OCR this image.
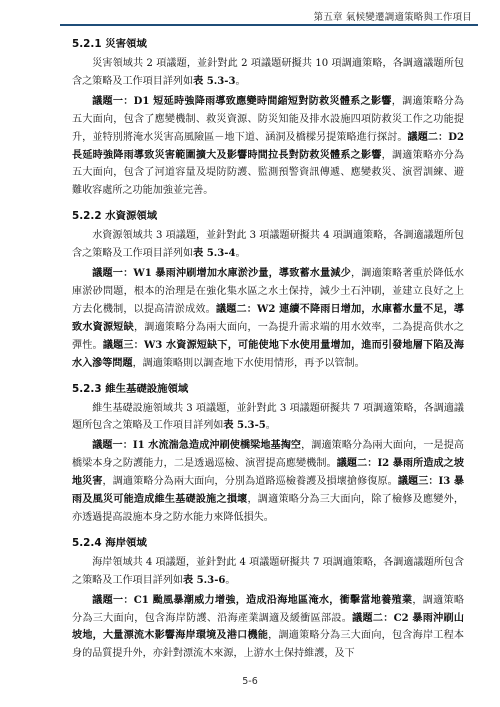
第五章 氣候變遷調適策略與工作項目
5.2.1 災害領域

災害領域共 2 項議題，並針對此 2 項議題研擬共 10 項調適策略，各調適議題所包含之策略及工作項目詳列如表 5.3-3。

議題一：D1 短延時強降雨導致應變時間縮短對防救災體系之影響，調適策略分為五大面向，包含了應變機制、救災資源、防災知能及排水設施四項防救災工作之功能提升，並特別將淹水災害高風險區－地下道、涵洞及橋樑另提策略進行探討。議題二：D2 長延時強降雨導致災害範圍擴大及影響時間拉長對防救災體系之影響，調適策略亦分為五大面向，包含了河道容量及堤防防護、監測預警資訊傳遞、應變救災、演習訓練、避難收容處所之功能加強並完善。

5.2.2 水資源領域

水資源領域共 3 項議題，並針對此 3 項議題研擬共 4 項調適策略，各調適議題所包含之策略及工作項目詳列如表 5.3-4。

議題一：W1 暴雨沖刷增加水庫淤沙量，導致蓄水量減少，調適策略著重於降低水庫淤砂問題，根本的治理是在強化集水區之水土保持，減少土石沖刷，並建立良好之上方去化機制，以提高清淤成效。議題二：W2 連續不降雨日增加，水庫蓄水量不足，導致水資源短缺，調適策略分為兩大面向，一為提升需求端的用水效率，二為提高供水之彈性。議題三：W3 水資源短缺下，可能使地下水使用量增加，進而引發地層下陷及海水入滲等問題，調適策略則以調查地下水使用情形，再予以管制。

5.2.3 維生基礎設施領域

維生基礎設施領域共 3 項議題，並針對此 3 項議題研擬共 7 項調適策略，各調適議題所包含之策略及工作項目詳列如表 5.3-5。

議題一：I1 水流湍急造成沖刷使橋梁地基掏空，調適策略分為兩大面向，一是提高橋梁本身之防護能力，二是透過巡檢、演習提高應變機制。議題二：I2 暴雨所造成之坡地災害，調適策略分為兩大面向，分別為道路巡檢養護及損壞搶修復原。議題三：I3 暴雨及風災可能造成維生基礎設施之損壞，調適策略分為三大面向，除了檢修及應變外，亦透過提高設施本身之防水能力來降低損失。

5.2.4 海岸領域

海岸領域共 4 項議題，並針對此 4 項議題研擬共 7 項調適策略，各調適議題所包含之策略及工作項目詳列如表 5.3-6。

議題一：C1 颱風暴潮威力增強，造成沿海地區淹水，衝擊當地養殖業，調適策略分為三大面向，包含海岸防護、沿海產業調適及緩衝區部設。議題二：C2 暴雨沖刷山坡地，大量漂流木影響海岸環境及港口機能，調適策略分為三大面向，包含海岸工程本身的品質提升外，亦針對漂流木來源，上游水土保持維護，及下

5-6
